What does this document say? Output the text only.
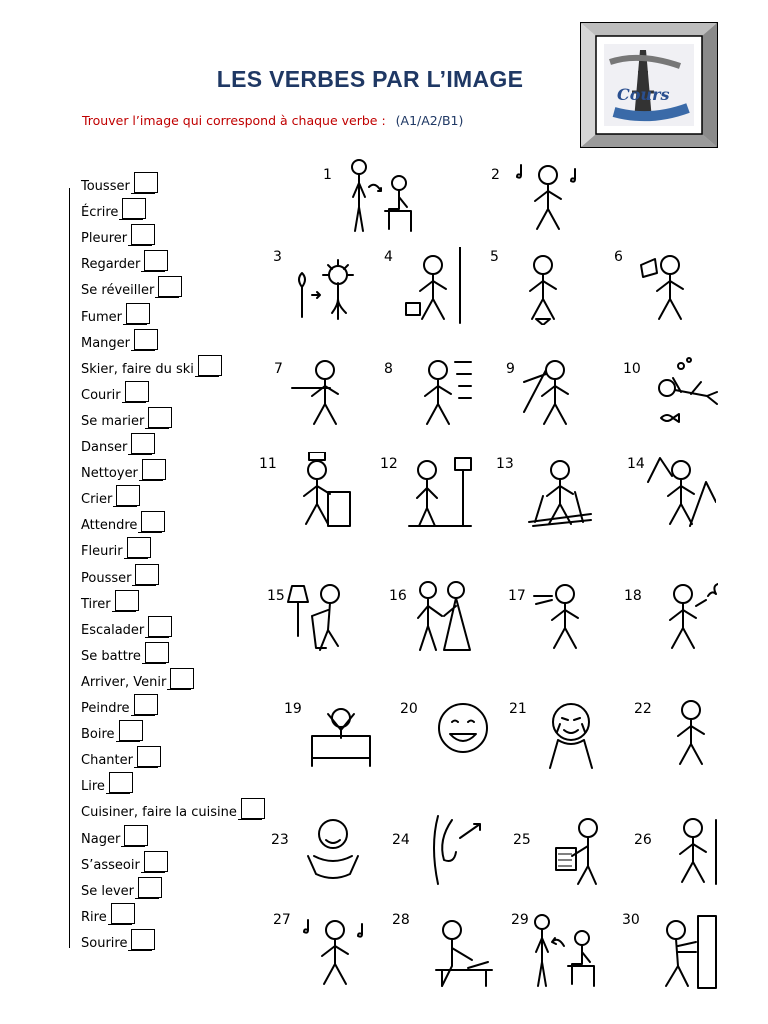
LES VERBES PAR L’IMAGE
Trouver l’image qui correspond à chaque verbe : (A1/A2/B1)
Cours
Tousser
Écrire
Pleurer
Regarder
Se réveiller
Fumer
Manger
Skier, faire du ski
Courir
Se marier
Danser
Nettoyer
Crier
Attendre
Fleurir
Pousser
Tirer
Escalader
Se battre
Arriver, Venir
Peindre
Boire
Chanter
Lire
Cuisiner, faire la cuisine
Nager
S’asseoir
Se lever
Rire
Sourire
1	2
3	4	5	6
7	8	9	10
11	12	13	14
15	16	17	18
19	20	21	22
23	24	25	26
27	28	29	30
